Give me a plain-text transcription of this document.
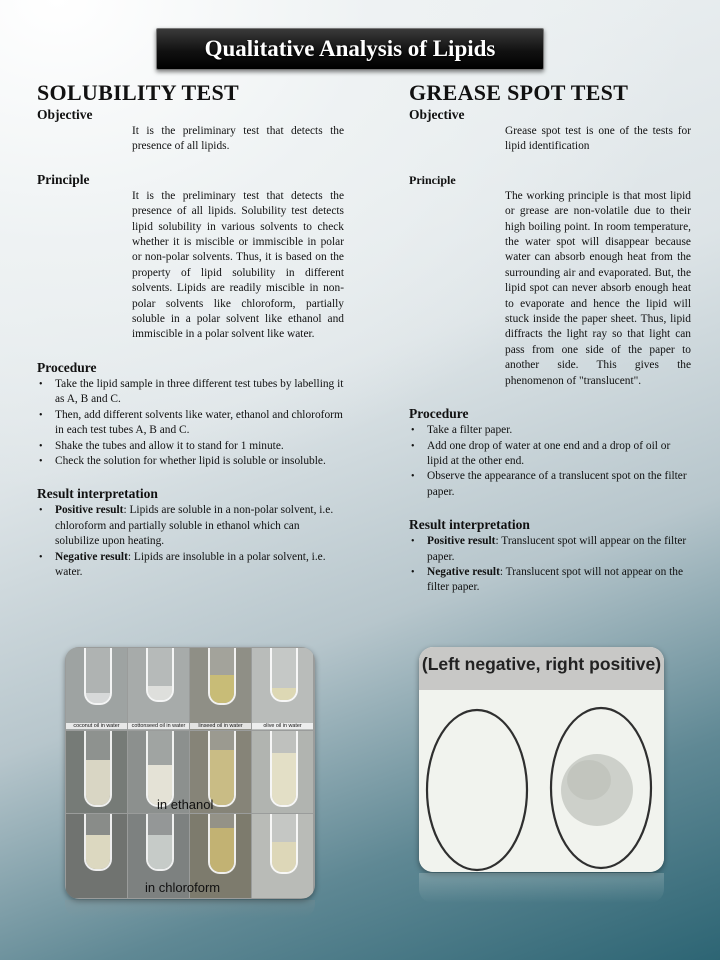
Qualitative Analysis of Lipids
SOLUBILITY TEST
Objective

It is the preliminary test that detects the presence of all lipids.

Principle

It is the preliminary test that detects the presence of all lipids. Solubility test detects lipid solubility in various solvents to check whether it is miscible or immiscible in polar or non-polar solvents. Thus, it is based on the property of lipid solubility in different solvents. Lipids are readily miscible in non-polar solvents like chloroform, partially soluble in a polar solvent like ethanol and immiscible in a polar solvent like water.

Procedure
• Take the lipid sample in three different test tubes by labelling it as A, B and C.
• Then, add different solvents like water, ethanol and chloroform in each test tubes A, B and C.
• Shake the tubes and allow it to stand for 1 minute.
• Check the solution for whether lipid is soluble or insoluble.
Result interpretation
• Positive result: Lipids are soluble in a non-polar solvent, i.e. chloroform and partially soluble in ethanol which can solubilize upon heating.
• Negative result: Lipids are insoluble in a polar solvent, i.e. water.
GREASE SPOT TEST
Objective

Grease spot test is one of the tests for lipid identification

Principle

The working principle is that most lipid or grease are non-volatile due to their high boiling point. In room temperature, the water spot will disappear because water can absorb enough heat from the surrounding air and evaporated. But, the lipid spot can never absorb enough heat to evaporate and hence the lipid will stuck inside the paper sheet. Thus, lipid diffracts the light ray so that light can pass from one side of the paper to another side. This gives the phenomenon of "translucent".

Procedure
• Take a filter paper.
• Add one drop of water at one end and a drop of oil or lipid at the other end.
• Observe the appearance of a translucent spot on the filter paper.
Result interpretation
• Positive result: Translucent spot will appear on the filter paper.
• Negative result: Translucent spot will not appear on the filter paper.
coconut oil in water	cottonseed oil in water	linseed oil in water	olive oil in water
in ethanol
in chloroform
(Left negative, right positive)
